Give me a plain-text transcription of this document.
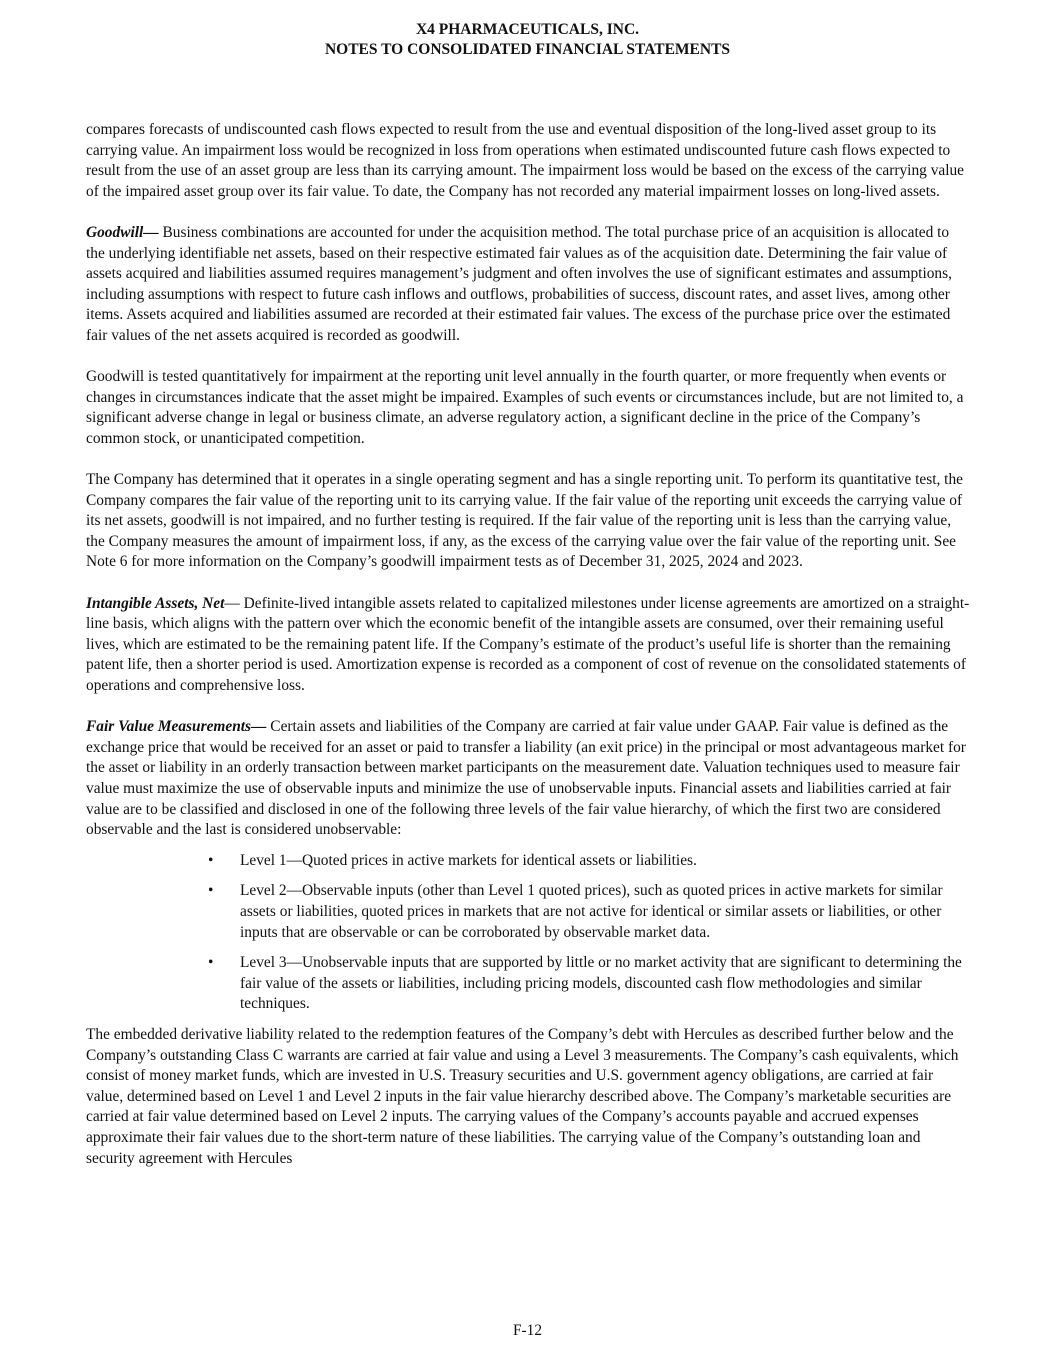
X4 PHARMACEUTICALS, INC.
NOTES TO CONSOLIDATED FINANCIAL STATEMENTS

compares forecasts of undiscounted cash flows expected to result from the use and eventual disposition of the long-lived asset group to its carrying value. An impairment loss would be recognized in loss from operations when estimated undiscounted future cash flows expected to result from the use of an asset group are less than its carrying amount. The impairment loss would be based on the excess of the carrying value of the impaired asset group over its fair value. To date, the Company has not recorded any material impairment losses on long-lived assets.

Goodwill— Business combinations are accounted for under the acquisition method. The total purchase price of an acquisition is allocated to the underlying identifiable net assets, based on their respective estimated fair values as of the acquisition date. Determining the fair value of assets acquired and liabilities assumed requires management’s judgment and often involves the use of significant estimates and assumptions, including assumptions with respect to future cash inflows and outflows, probabilities of success, discount rates, and asset lives, among other items. Assets acquired and liabilities assumed are recorded at their estimated fair values. The excess of the purchase price over the estimated fair values of the net assets acquired is recorded as goodwill.

Goodwill is tested quantitatively for impairment at the reporting unit level annually in the fourth quarter, or more frequently when events or changes in circumstances indicate that the asset might be impaired. Examples of such events or circumstances include, but are not limited to, a significant adverse change in legal or business climate, an adverse regulatory action, a significant decline in the price of the Company’s common stock, or unanticipated competition.

The Company has determined that it operates in a single operating segment and has a single reporting unit. To perform its quantitative test, the Company compares the fair value of the reporting unit to its carrying value. If the fair value of the reporting unit exceeds the carrying value of its net assets, goodwill is not impaired, and no further testing is required. If the fair value of the reporting unit is less than the carrying value, the Company measures the amount of impairment loss, if any, as the excess of the carrying value over the fair value of the reporting unit. See Note 6 for more information on the Company’s goodwill impairment tests as of December 31, 2025, 2024 and 2023.

Intangible Assets, Net— Definite-lived intangible assets related to capitalized milestones under license agreements are amortized on a straight-line basis, which aligns with the pattern over which the economic benefit of the intangible assets are consumed, over their remaining useful lives, which are estimated to be the remaining patent life. If the Company’s estimate of the product’s useful life is shorter than the remaining patent life, then a shorter period is used. Amortization expense is recorded as a component of cost of revenue on the consolidated statements of operations and comprehensive loss.

Fair Value Measurements— Certain assets and liabilities of the Company are carried at fair value under GAAP. Fair value is defined as the exchange price that would be received for an asset or paid to transfer a liability (an exit price) in the principal or most advantageous market for the asset or liability in an orderly transaction between market participants on the measurement date. Valuation techniques used to measure fair value must maximize the use of observable inputs and minimize the use of unobservable inputs. Financial assets and liabilities carried at fair value are to be classified and disclosed in one of the following three levels of the fair value hierarchy, of which the first two are considered observable and the last is considered unobservable:

• Level 1—Quoted prices in active markets for identical assets or liabilities.
• Level 2—Observable inputs (other than Level 1 quoted prices), such as quoted prices in active markets for similar assets or liabilities, quoted prices in markets that are not active for identical or similar assets or liabilities, or other inputs that are observable or can be corroborated by observable market data.
• Level 3—Unobservable inputs that are supported by little or no market activity that are significant to determining the fair value of the assets or liabilities, including pricing models, discounted cash flow methodologies and similar techniques.

The embedded derivative liability related to the redemption features of the Company’s debt with Hercules as described further below and the Company’s outstanding Class C warrants are carried at fair value and using a Level 3 measurements. The Company’s cash equivalents, which consist of money market funds, which are invested in U.S. Treasury securities and U.S. government agency obligations, are carried at fair value, determined based on Level 1 and Level 2 inputs in the fair value hierarchy described above. The Company’s marketable securities are carried at fair value determined based on Level 2 inputs. The carrying values of the Company’s accounts payable and accrued expenses approximate their fair values due to the short-term nature of these liabilities. The carrying value of the Company’s outstanding loan and security agreement with Hercules

F-12
